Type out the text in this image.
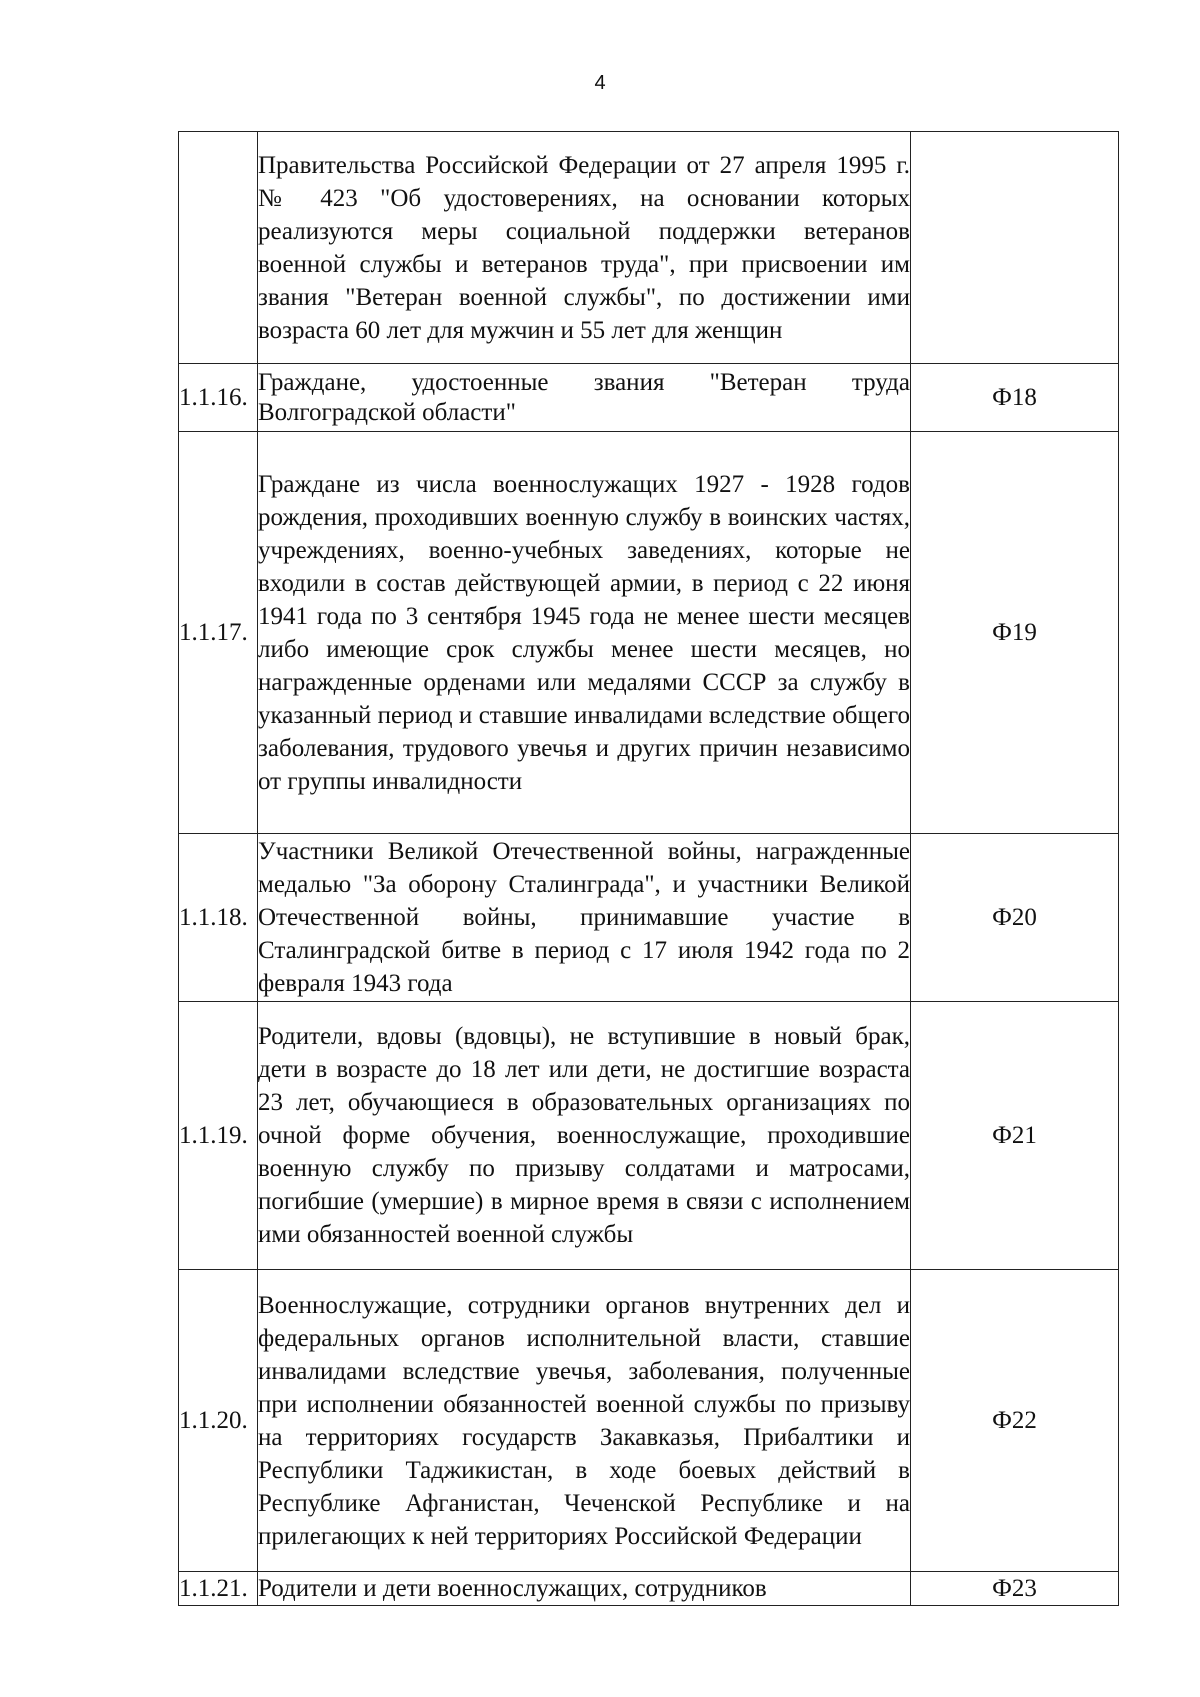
4
	Правительства Российской Федерации от 27 апреля 1995 г. № 423 "Об удостоверениях, на основании которых реализуются меры социальной поддержки ветеранов военной службы и ветеранов труда", при присвоении им звания "Ветеран военной службы", по достижении ими возраста 60 лет для мужчин и 55 лет для женщин	
1.1.16.	Граждане, удостоенные звания "Ветеран труда Волгоградской области"	Ф18
1.1.17.	Граждане из числа военнослужащих 1927 - 1928 годов рождения, проходивших военную службу в воинских частях, учреждениях, военно-учебных заведениях, которые не входили в состав действующей армии, в период с 22 июня 1941 года по 3 сентября 1945 года не менее шести месяцев либо имеющие срок службы менее шести месяцев, но награжденные орденами или медалями СССР за службу в указанный период и ставшие инвалидами вследствие общего заболевания, трудового увечья и других причин независимо от группы инвалидности	Ф19
1.1.18.	Участники Великой Отечественной войны, награжденные медалью "За оборону Сталинграда", и участники Великой Отечественной войны, принимавшие участие в Сталинградской битве в период с 17 июля 1942 года по 2 февраля 1943 года	Ф20
1.1.19.	Родители, вдовы (вдовцы), не вступившие в новый брак, дети в возрасте до 18 лет или дети, не достигшие возраста 23 лет, обучающиеся в образовательных организациях по очной форме обучения, военнослужащие, проходившие военную службу по призыву солдатами и матросами, погибшие (умершие) в мирное время в связи с исполнением ими обязанностей военной службы	Ф21
1.1.20.	Военнослужащие, сотрудники органов внутренних дел и федеральных органов исполнительной власти, ставшие инвалидами вследствие увечья, заболевания, полученные при исполнении обязанностей военной службы по призыву на территориях государств Закавказья, Прибалтики и Республики Таджикистан, в ходе боевых действий в Республике Афганистан, Чеченской Республике и на прилегающих к ней территориях Российской Федерации	Ф22
1.1.21.	Родители и дети военнослужащих, сотрудников	Ф23
